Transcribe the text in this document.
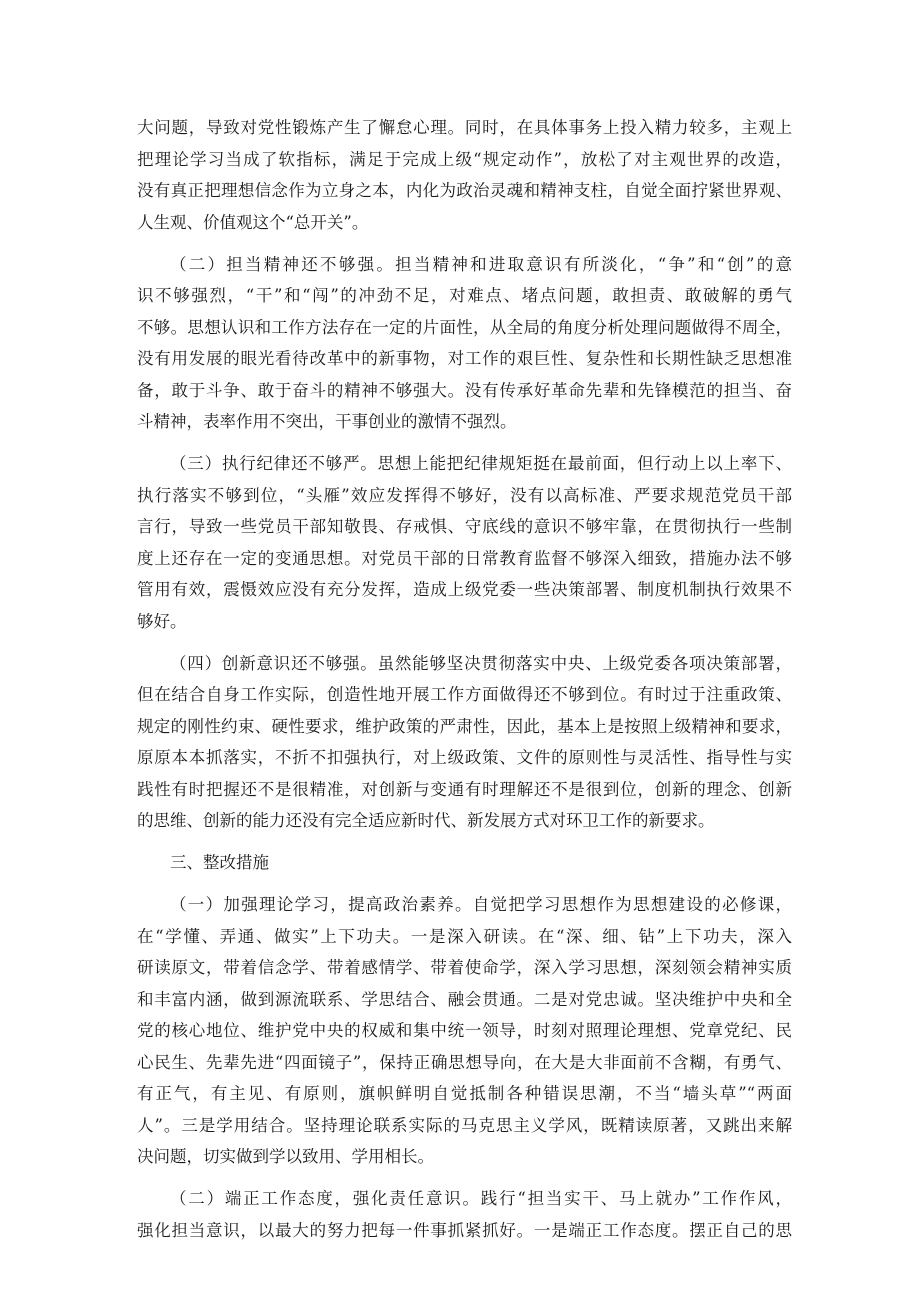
大问题，导致对党性锻炼产生了懈怠心理。同时，在具体事务上投入精力较多，主观上
把理论学习当成了软指标，满足于完成上级“规定动作”，放松了对主观世界的改造，
没有真正把理想信念作为立身之本，内化为政治灵魂和精神支柱，自觉全面拧紧世界观、
人生观、价值观这个“总开关”。
（二）担当精神还不够强。担当精神和进取意识有所淡化，“争”和“创”的意
识不够强烈，“干”和“闯”的冲劲不足，对难点、堵点问题，敢担责、敢破解的勇气
不够。思想认识和工作方法存在一定的片面性，从全局的角度分析处理问题做得不周全，
没有用发展的眼光看待改革中的新事物，对工作的艰巨性、复杂性和长期性缺乏思想准
备，敢于斗争、敢于奋斗的精神不够强大。没有传承好革命先辈和先锋模范的担当、奋
斗精神，表率作用不突出，干事创业的激情不强烈。
（三）执行纪律还不够严。思想上能把纪律规矩挺在最前面，但行动上以上率下、
执行落实不够到位，“头雁”效应发挥得不够好，没有以高标准、严要求规范党员干部
言行，导致一些党员干部知敬畏、存戒惧、守底线的意识不够牢靠，在贯彻执行一些制
度上还存在一定的变通思想。对党员干部的日常教育监督不够深入细致，措施办法不够
管用有效，震慑效应没有充分发挥，造成上级党委一些决策部署、制度机制执行效果不
够好。
（四）创新意识还不够强。虽然能够坚决贯彻落实中央、上级党委各项决策部署，
但在结合自身工作实际，创造性地开展工作方面做得还不够到位。有时过于注重政策、
规定的刚性约束、硬性要求，维护政策的严肃性，因此，基本上是按照上级精神和要求，
原原本本抓落实，不折不扣强执行，对上级政策、文件的原则性与灵活性、指导性与实
践性有时把握还不是很精准，对创新与变通有时理解还不是很到位，创新的理念、创新
的思维、创新的能力还没有完全适应新时代、新发展方式对环卫工作的新要求。
三、整改措施
（一）加强理论学习，提高政治素养。自觉把学习思想作为思想建设的必修课，
在“学懂、弄通、做实”上下功夫。一是深入研读。在“深、细、钻”上下功夫，深入
研读原文，带着信念学、带着感情学、带着使命学，深入学习思想，深刻领会精神实质
和丰富内涵，做到源流联系、学思结合、融会贯通。二是对党忠诚。坚决维护中央和全
党的核心地位、维护党中央的权威和集中统一领导，时刻对照理论理想、党章党纪、民
心民生、先辈先进“四面镜子”，保持正确思想导向，在大是大非面前不含糊，有勇气、
有正气，有主见、有原则，旗帜鲜明自觉抵制各种错误思潮，不当“墙头草”“两面
人”。三是学用结合。坚持理论联系实际的马克思主义学风，既精读原著，又跳出来解
决问题，切实做到学以致用、学用相长。
（二）端正工作态度，强化责任意识。践行“担当实干、马上就办”工作作风，
强化担当意识，以最大的努力把每一件事抓紧抓好。一是端正工作态度。摆正自己的思
